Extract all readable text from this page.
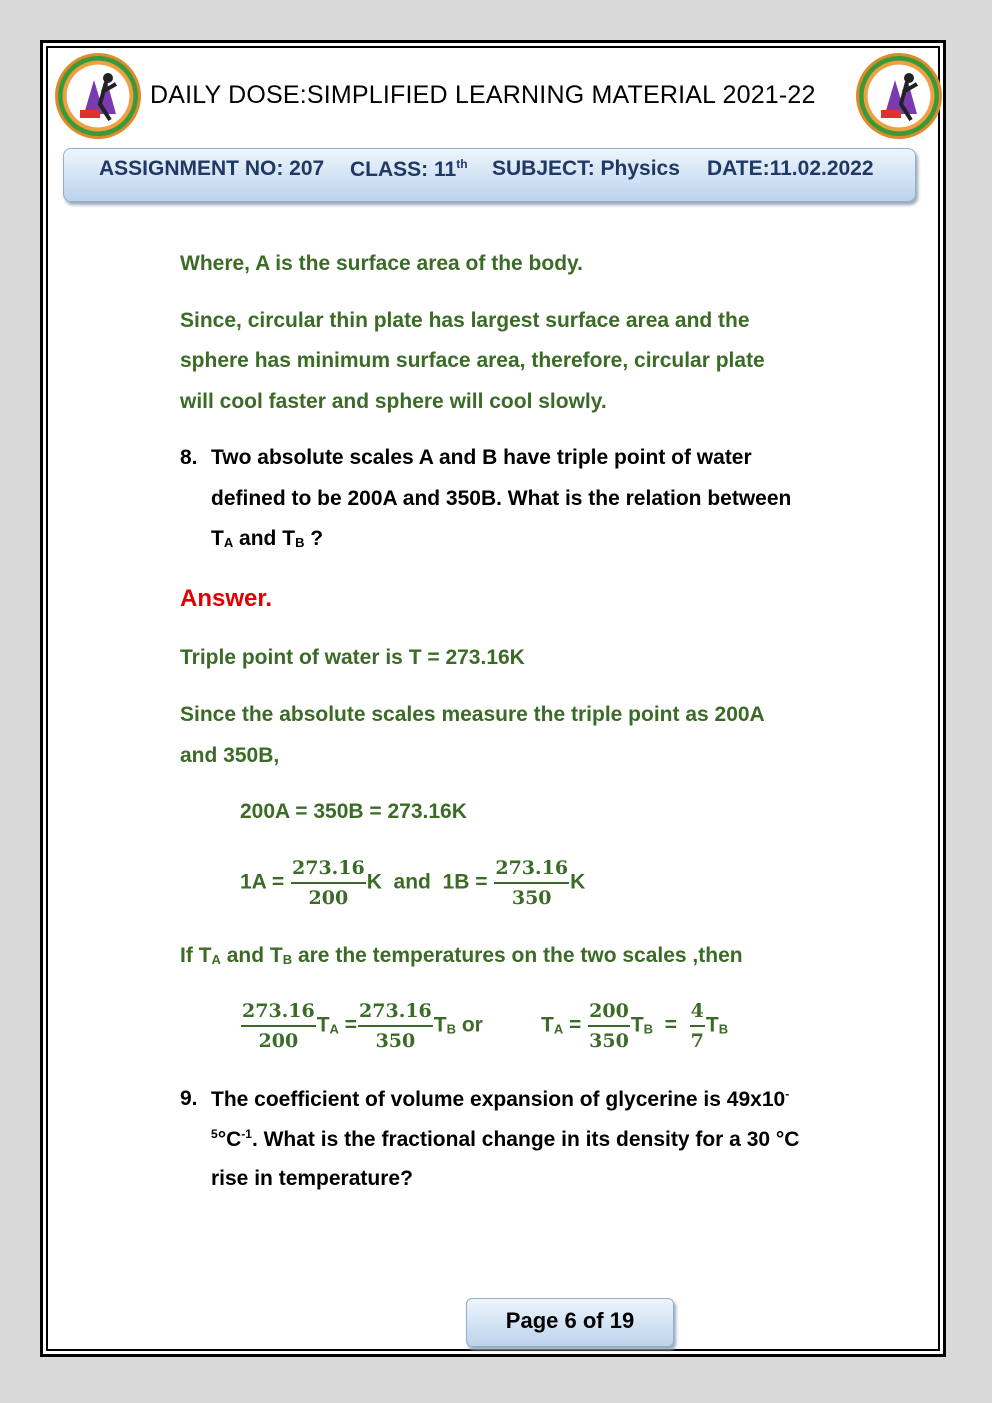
DAILY DOSE:SIMPLIFIED LEARNING MATERIAL 2021-22
ASSIGNMENT NO: 207 CLASS: 11th SUBJECT: Physics DATE:11.02.2022
Where, A is the surface area of the body.
Since, circular thin plate has largest surface area and the
sphere has minimum surface area, therefore, circular plate
will cool faster and sphere will cool slowly.
8. Two absolute scales A and B have triple point of water
defined to be 200A and 350B. What is the relation between
TA and TB ?
Answer.
Triple point of water is T = 273.16K
Since the absolute scales measure the triple point as 200A
and 350B,
200A = 350B = 273.16K
$1A = \frac{273.16}{200}$ K  and  $1B = \frac{273.16}{350}$ K
If TA and TB are the temperatures on the two scales ,then
$\frac{273.16}{200}$ TA = $\frac{273.16}{350}$ TB or	TA = $\frac{200}{350}$ TB  = $\frac{4}{7}$ TB
9. The coefficient of volume expansion of glycerine is 49x10-
$^5^\circ C^{-1}$. What is the fractional change in its density for a 30 °C
rise in temperature?
Page 6 of 19
